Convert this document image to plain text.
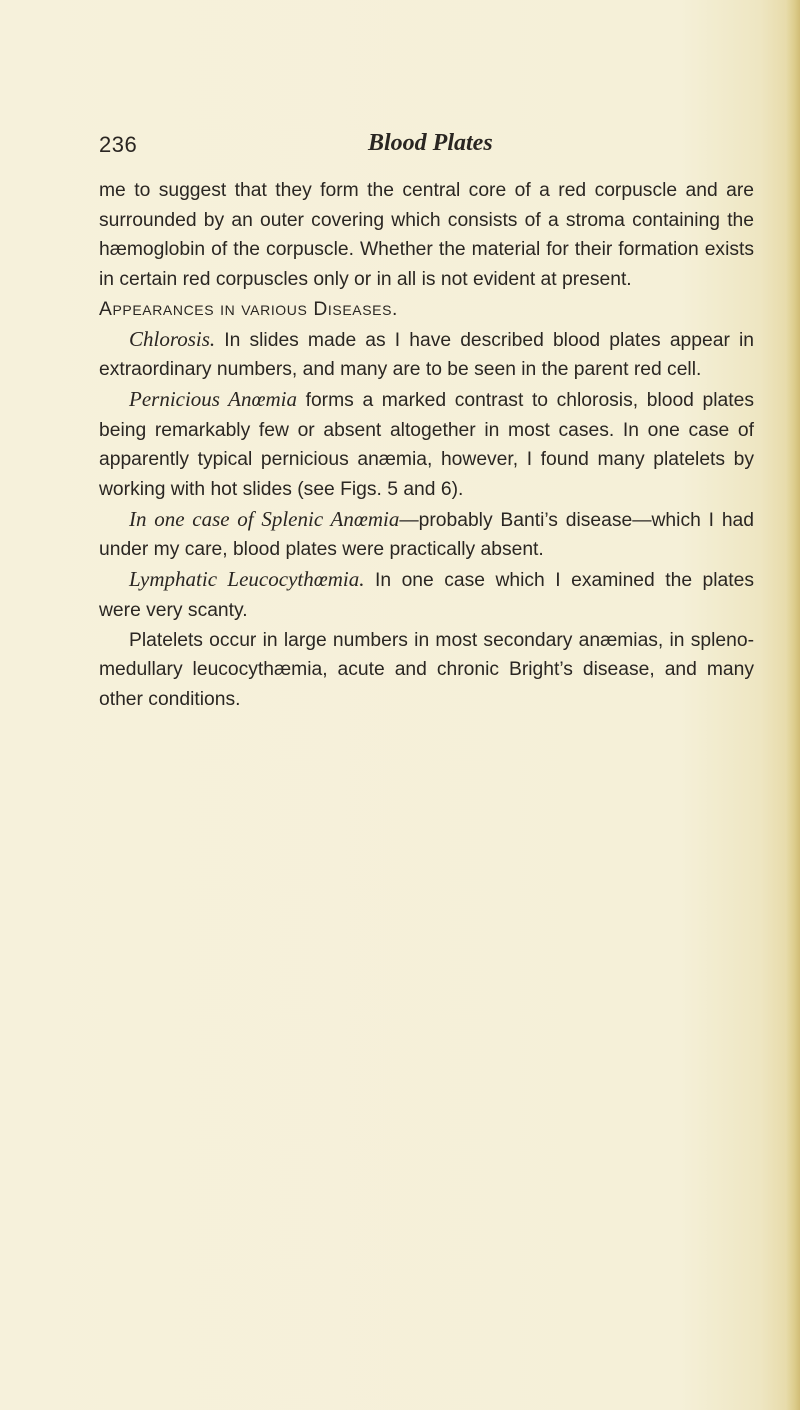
236	Blood Plates

me to suggest that they form the central core of a red corpuscle and are surrounded by an outer covering which consists of a stroma containing the hæmoglobin of the corpuscle. Whether the material for their formation exists in certain red corpuscles only or in all is not evident at present.

Appearances in various Diseases.

Chlorosis. In slides made as I have described blood plates appear in extraordinary numbers, and many are to be seen in the parent red cell.

Pernicious Anœmia forms a marked contrast to chlorosis, blood plates being remarkably few or absent altogether in most cases. In one case of apparently typical pernicious anæmia, however, I found many platelets by working with hot slides (see Figs. 5 and 6).

In one case of Splenic Anœmia—probably Banti’s disease—which I had under my care, blood plates were practically absent.

Lymphatic Leucocythœmia. In one case which I examined the plates were very scanty.

Platelets occur in large numbers in most secondary anæmias, in spleno-medullary leucocythæmia, acute and chronic Bright’s disease, and many other conditions.
